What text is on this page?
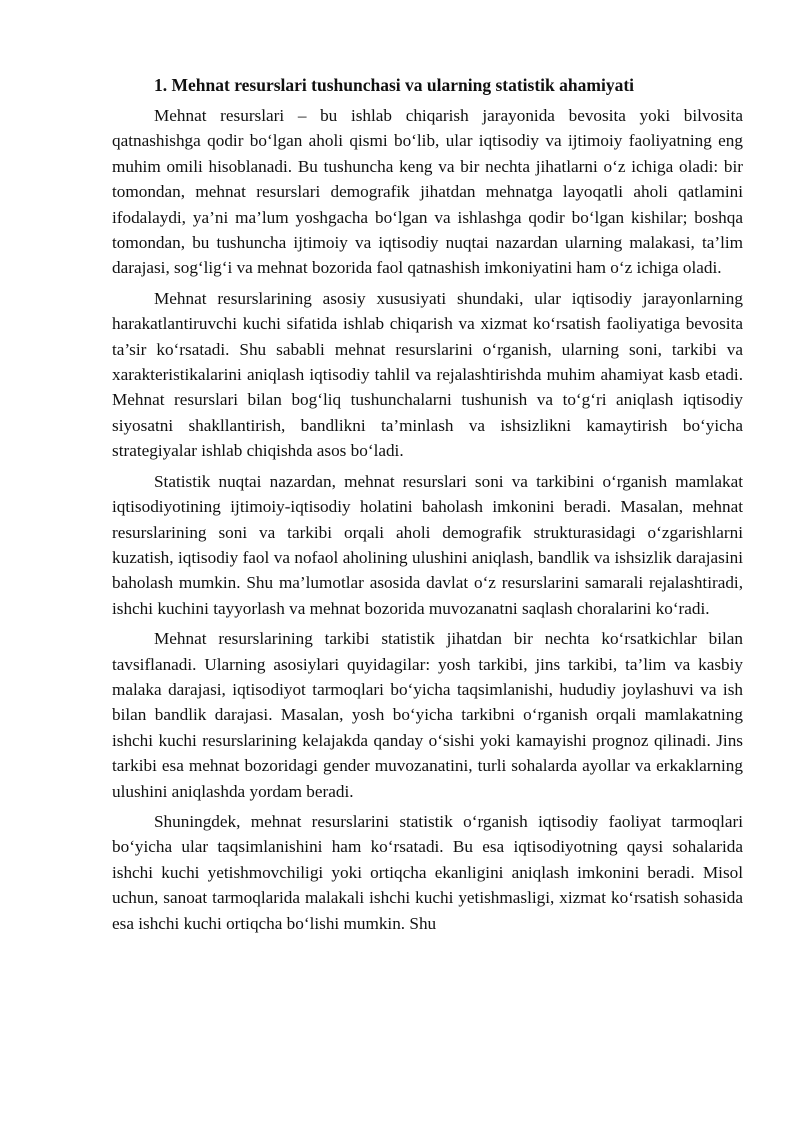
1. Mehnat resurslari tushunchasi va ularning statistik ahamiyati

Mehnat resurslari – bu ishlab chiqarish jarayonida bevosita yoki bilvosita qatnashishga qodir bo‘lgan aholi qismi bo‘lib, ular iqtisodiy va ijtimoiy faoliyatning eng muhim omili hisoblanadi. Bu tushuncha keng va bir nechta jihatlarni o‘z ichiga oladi: bir tomondan, mehnat resurslari demografik jihatdan mehnatga layoqatli aholi qatlamini ifodalaydi, ya’ni ma’lum yoshgacha bo‘lgan va ishlashga qodir bo‘lgan kishilar; boshqa tomondan, bu tushuncha ijtimoiy va iqtisodiy nuqtai nazardan ularning malakasi, ta’lim darajasi, sog‘lig‘i va mehnat bozorida faol qatnashish imkoniyatini ham o‘z ichiga oladi.

Mehnat resurslarining asosiy xususiyati shundaki, ular iqtisodiy jarayonlarning harakatlantiruvchi kuchi sifatida ishlab chiqarish va xizmat ko‘rsatish faoliyatiga bevosita ta’sir ko‘rsatadi. Shu sababli mehnat resurslarini o‘rganish, ularning soni, tarkibi va xarakteristikalarini aniqlash iqtisodiy tahlil va rejalashtirishda muhim ahamiyat kasb etadi. Mehnat resurslari bilan bog‘liq tushunchalarni tushunish va to‘g‘ri aniqlash iqtisodiy siyosatni shakllantirish, bandlikni ta’minlash va ishsizlikni kamaytirish bo‘yicha strategiyalar ishlab chiqishda asos bo‘ladi.

Statistik nuqtai nazardan, mehnat resurslari soni va tarkibini o‘rganish mamlakat iqtisodiyotining ijtimoiy-iqtisodiy holatini baholash imkonini beradi. Masalan, mehnat resurslarining soni va tarkibi orqali aholi demografik strukturasidagi o‘zgarishlarni kuzatish, iqtisodiy faol va nofaol aholining ulushini aniqlash, bandlik va ishsizlik darajasini baholash mumkin. Shu ma’lumotlar asosida davlat o‘z resurslarini samarali rejalashtiradi, ishchi kuchini tayyorlash va mehnat bozorida muvozanatni saqlash choralarini ko‘radi.

Mehnat resurslarining tarkibi statistik jihatdan bir nechta ko‘rsatkichlar bilan tavsiflanadi. Ularning asosiylari quyidagilar: yosh tarkibi, jins tarkibi, ta’lim va kasbiy malaka darajasi, iqtisodiyot tarmoqlari bo‘yicha taqsimlanishi, hududiy joylashuvi va ish bilan bandlik darajasi. Masalan, yosh bo‘yicha tarkibni o‘rganish orqali mamlakatning ishchi kuchi resurslarining kelajakda qanday o‘sishi yoki kamayishi prognoz qilinadi. Jins tarkibi esa mehnat bozoridagi gender muvozanatini, turli sohalarda ayollar va erkaklarning ulushini aniqlashda yordam beradi.

Shuningdek, mehnat resurslarini statistik o‘rganish iqtisodiy faoliyat tarmoqlari bo‘yicha ular taqsimlanishini ham ko‘rsatadi. Bu esa iqtisodiyotning qaysi sohalarida ishchi kuchi yetishmovchiligi yoki ortiqcha ekanligini aniqlash imkonini beradi. Misol uchun, sanoat tarmoqlarida malakali ishchi kuchi yetishmasligi, xizmat ko‘rsatish sohasida esa ishchi kuchi ortiqcha bo‘lishi mumkin. Shu
